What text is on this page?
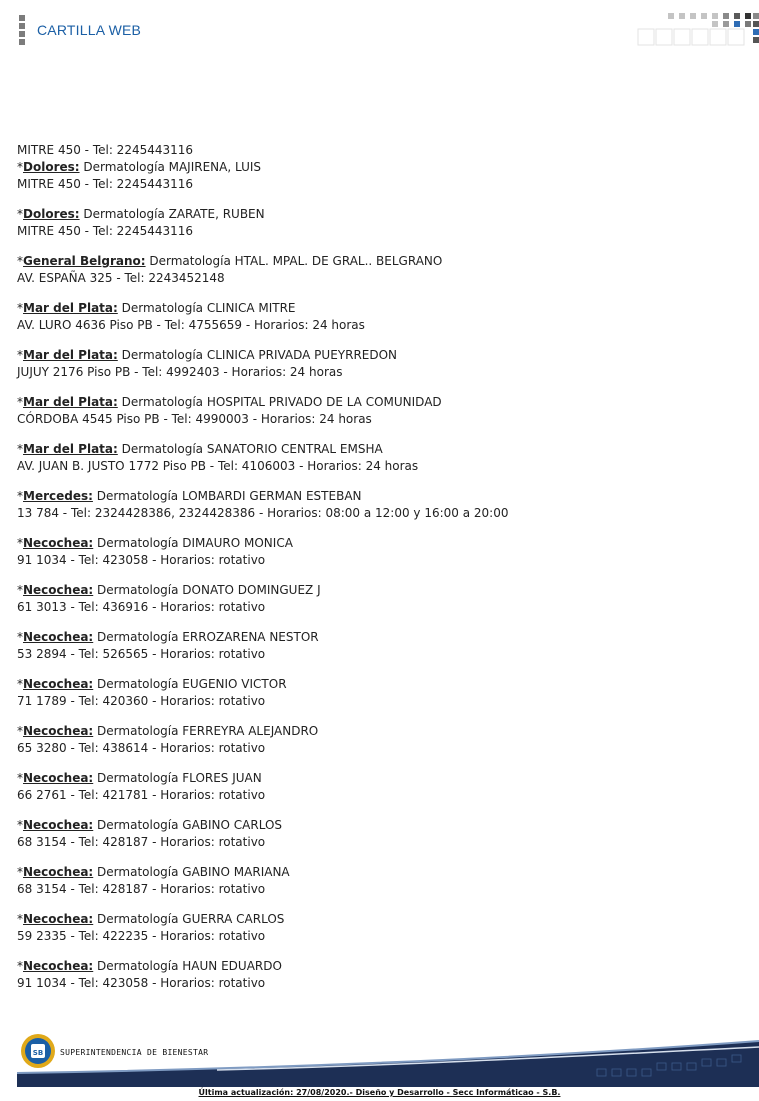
CARTILLA WEB
MITRE 450 - Tel: 2245443116
*Dolores: Dermatología MAJIRENA, LUIS
MITRE 450 - Tel: 2245443116
*Dolores: Dermatología ZARATE, RUBEN
MITRE 450 - Tel: 2245443116
*General Belgrano: Dermatología HTAL. MPAL. DE GRAL.. BELGRANO
AV. ESPAÑA 325 - Tel: 2243452148
*Mar del Plata: Dermatología CLINICA MITRE
AV. LURO 4636 Piso PB - Tel: 4755659 - Horarios: 24 horas
*Mar del Plata: Dermatología CLINICA PRIVADA PUEYRREDON
JUJUY 2176 Piso PB - Tel: 4992403 - Horarios: 24 horas
*Mar del Plata: Dermatología HOSPITAL PRIVADO DE LA COMUNIDAD
CÓRDOBA 4545 Piso PB - Tel: 4990003 - Horarios: 24 horas
*Mar del Plata: Dermatología SANATORIO CENTRAL EMSHA
AV. JUAN B. JUSTO 1772 Piso PB - Tel: 4106003 - Horarios: 24 horas
*Mercedes: Dermatología LOMBARDI GERMAN ESTEBAN
13 784 - Tel: 2324428386, 2324428386 - Horarios: 08:00 a 12:00 y 16:00 a 20:00
*Necochea: Dermatología DIMAURO MONICA
91 1034 - Tel: 423058 - Horarios: rotativo
*Necochea: Dermatología DONATO DOMINGUEZ J
61 3013 - Tel: 436916 - Horarios: rotativo
*Necochea: Dermatología ERROZARENA NESTOR
53 2894 - Tel: 526565 - Horarios: rotativo
*Necochea: Dermatología EUGENIO VICTOR
71 1789 - Tel: 420360 - Horarios: rotativo
*Necochea: Dermatología FERREYRA ALEJANDRO
65 3280 - Tel: 438614 - Horarios: rotativo
*Necochea: Dermatología FLORES JUAN
66 2761 - Tel: 421781 - Horarios: rotativo
*Necochea: Dermatología GABINO CARLOS
68 3154 - Tel: 428187 - Horarios: rotativo
*Necochea: Dermatología GABINO MARIANA
68 3154 - Tel: 428187 - Horarios: rotativo
*Necochea: Dermatología GUERRA CARLOS
59 2335 - Tel: 422235 - Horarios: rotativo
*Necochea: Dermatología HAUN EDUARDO
91 1034 - Tel: 423058 - Horarios: rotativo
SB SUPERINTENDENCIA DE BIENESTAR
Última actualización: 27/08/2020.- Diseño y Desarrollo - Secc Informáticao - S.B.
